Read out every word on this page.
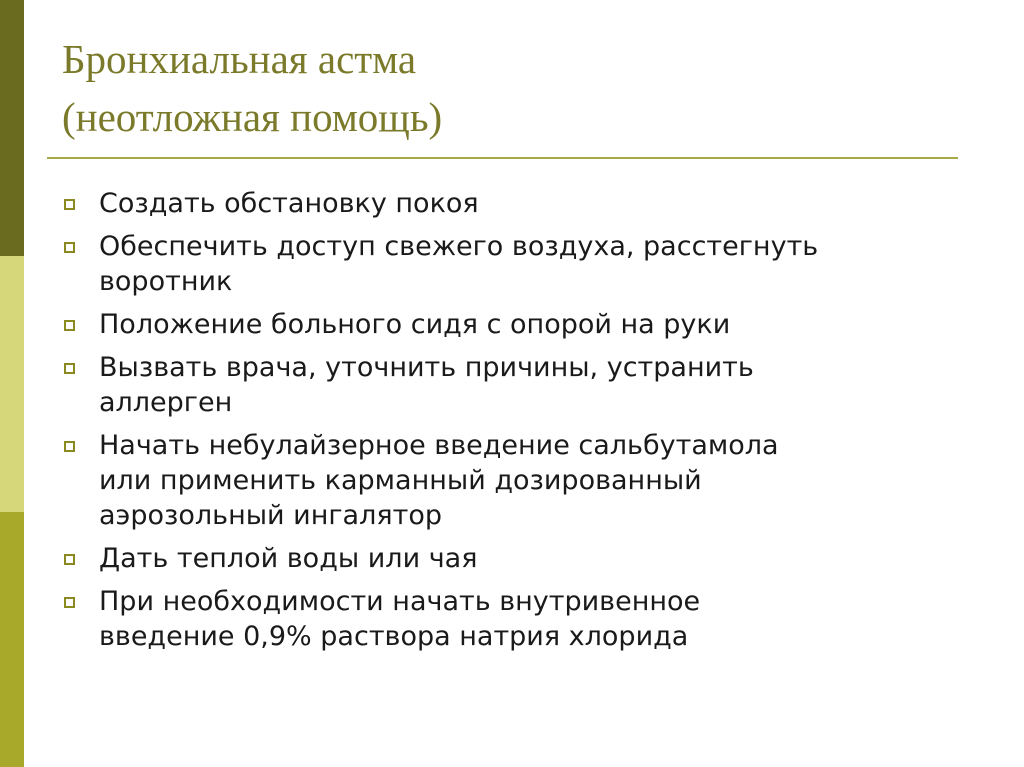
Бронхиальная астма
(неотложная помощь)
Создать обстановку покоя
Обеспечить доступ свежего воздуха, расстегнуть
воротник
Положение больного сидя с опорой на руки
Вызвать врача, уточнить причины, устранить
аллерген
Начать небулайзерное введение сальбутамола
или применить карманный дозированный
аэрозольный ингалятор
Дать теплой воды или чая
При необходимости начать внутривенное
введение 0,9% раствора натрия хлорида
